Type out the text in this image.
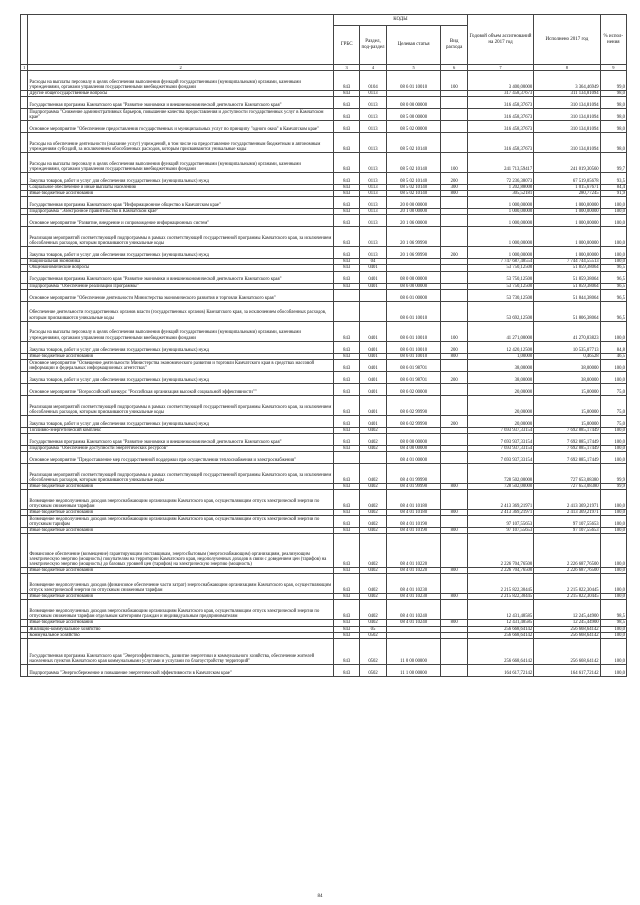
		КОДЫ				Годовой объем ассигнований на 2017 год	Исполнено 2017 год	% испол-нения
		ГРБС	Раздел, под-раздел	Целевая статья	Вид расхода			
1	2	3	4	5	6	7	8	9
	Расходы на выплаты персоналу в целях обеспечения выполнения функций государственными (муниципальными) органами, казенными учреждениями, органами управления государственными внебюджетными фондами	843	0104	08 6 01 10010	100	3 400,00000	3 364,46949	99,0
	Другие общегосударственные вопросы	843	0113			317 458,37673	311 134,81094	98,0
	Государственная программа Камчатского края "Развитие экономики и внешнеэкономической деятельности Камчатского края"	843	0113	08 0 00 00000		316 458,37673	310 134,81094	98,0
	Подпрограмма "Снижение административных барьеров, повышение качества предоставления и доступности государственных услуг в Камчатском крае"	843	0113	08 5 00 00000		316 458,37673	310 134,81094	98,0
	Основное мероприятие "Обеспечение предоставления государственных и муниципальных услуг по принципу "одного окна" в Камчатском крае"	843	0113	08 5 02 00000		316 458,37673	310 134,81094	98,0
	Расходы на обеспечение деятельности (оказание услуг) учреждений, в том числе на предоставление государственным бюджетным и автономным учреждениям субсидий, за исключением обособленных расходов, которым присваиваются уникальные коды	843	0113	08 5 02 10140		316 458,37673	310 134,81094	98,0
	Расходы на выплаты персоналу в целях обеспечения выполнения функций государственными (муниципальными) органами, казенными учреждениями, органами управления государственными внебюджетными фондами	843	0113	08 5 02 10140	100	241 713,59417	241 019,30560	99,7
	Закупка товаров, работ и услуг для обеспечения государственных (муниципальных) нужд	843	0113	08 5 02 10140	200	72 236,38073	67 519,05678	93,5
	Социальное обеспечение и иные выплаты населению	843	0113	08 5 02 10140	300	1 202,88000	1 015,67671	84,4
	Иные бюджетные ассигнования	843	0113	08 5 02 10140	800	305,52181	280,77245	91,9
	Государственная программа Камчатского края "Информационное общество в Камчатском крае"	843	0113	20 0 00 00000		1 000,00000	1 000,00000	100,0
	Подпрограмма "Электронное правительство в Камчатском крае"	843	0113	20 1 00 00000		1 000,00000	1 000,00000	100,0
	Основное мероприятие "Развитие, внедрение и сопровождение информационных систем"	843	0113	20 1 06 00000		1 000,00000	1 000,00000	100,0
	Реализация мероприятий соответствующей подпрограммы в рамках соответствующей государственной программы Камчатского края, за исключением обособленных расходов, которым присваиваются уникальные коды	843	0113	20 1 06 99990		1 000,00000	1 000,00000	100,0
	Закупка товаров, работ и услуг для обеспечения государственных (муниципальных) нужд	843	0113	20 1 06 99990	200	1 000,00000	1 000,00000	100,0
	Национальная экономика	843	04			7 747 687,48554	7 744 744,55513	100,0
	Общеэкономические вопросы	843	0401			53 750,12500	51 859,38064	96,5
	Государственная программа Камчатского края "Развитие экономики и внешнеэкономической деятельности Камчатского края"	843	0401	08 0 00 00000		53 750,12500	51 859,38064	96,5
	Подпрограмма "Обеспечение реализации Программы"	843	0401	08 6 00 00000		53 750,12500	51 859,38064	96,5
	Основное мероприятие "Обеспечение деятельности Министерства экономического развития и торговли Камчатского края"			08 6 01 00000		53 730,12500	51 844,38064	96,5
	Обеспечение деятельности государственных органов власти (государственных органов) Камчатского края, за исключением обособленных расходов, которым присваиваются уникальные коды			08 6 01 10010		53 692,12500	51 806,38064	96,5
	Расходы на выплаты персоналу в целях обеспечения выполнения функций государственными (муниципальными) органами, казенными учреждениями, органами управления государственными внебюджетными фондами	843	0401	08 6 01 10010	100	41 271,00000	41 270,83823	100,0
	Закупка товаров, работ и услуг для обеспечения государственных (муниципальных) нужд	843	0401	08 6 01 10010	200	12 420,12500	10 535,07713	84,8
	Иные бюджетные ассигнования	843	0401	08 6 01 10010	800	1,00000	0,46528	46,5
	Основное мероприятие "Освещение деятельности Министерства экономического развития и торговли Камчатского края в средствах массовой информации и федеральных информационных агентствах"	843	0401	08 6 01 98701		38,00000	38,00000	100,0
	Закупка товаров, работ и услуг для обеспечения государственных (муниципальных) нужд	843	0401	08 6 01 98701	200	38,00000	38,00000	100,0
	Основное мероприятие "Всероссийский конкурс "Российская организация высокой социальной эффективности""	843	0401	08 6 02 00000		20,00000	15,00000	75,0
	Реализация мероприятий соответствующей подпрограммы в рамках соответствующей государственной программы Камчатского края, за исключением обособленных расходов, которым присваиваются уникальные коды	843	0401	08 6 02 99990		20,00000	15,00000	75,0
	Закупка товаров, работ и услуг для обеспечения государственных (муниципальных) нужд	843	0401	08 6 02 99990	200	20,00000	15,00000	75,0
	Топливно-энергетический комплекс	843	0402			7 693 937,33154	7 692 885,17449	100,0
	Государственная программа Камчатского края "Развитие экономики и внешнеэкономической деятельности Камчатского края"	843	0402	08 0 00 00000		7 693 937,33154	7 692 885,17449	100,0
	Подпрограмма "Обеспечение доступности энергетических ресурсов"	843	0402	08 4 00 00000		7 693 937,33154	7 692 885,17449	100,0
	Основное мероприятие "Предоставление мер государственной поддержки при осуществлении теплоснабжения и электроснабжения"			08 4 01 00000		7 693 937,33154	7 692 885,17449	100,0
	Реализация мероприятий соответствующей подпрограммы в рамках соответствующей государственной программы Камчатского края, за исключением обособленных расходов, которым присваиваются уникальные коды	843	0402	08 4 01 99990		728 502,00000	727 653,08380	99,9
	Иные бюджетные ассигнования	843	0402	08 4 01 99990	800	728 502,00000	727 653,08380	99,9
	Возмещение недополученных доходов энергоснабжающим организациям Камчатского края, осуществляющим отпуск электрической энергии по отпускным сниженным тарифам	843	0402	08 4 01 10180		2 413 369,21971	2 413 369,21971	100,0
	Иные бюджетные ассигнования	843	0402	08 4 01 10180	800	2 413 369,21971	2 413 369,21971	100,0
	Возмещение недополученных доходов энергоснабжающим организациям Камчатского края, осуществляющим отпуск электрической энергии по отпускным тарифам	843	0402	08 4 01 10190		97 107,55653	97 107,55653	100,0
	Иные бюджетные ассигнования	843	0402	08 4 01 10190	800	97 107,55653	97 107,55653	100,0
	Финансовое обеспечение (возмещение) гарантирующим поставщикам, энергосбытовым (энергоснабжающим) организациям, реализующим электрическую энергию (мощность) покупателям на территории Камчатского края, недополученных доходов в связи с доведением цен (тарифов) на электрическую энергию (мощность) до базовых уровней цен (тарифов) на электрическую энергию (мощность)	843	0402	08 4 01 10220		2 226 704,76500	2 226 687,76500	100,0
	Иные бюджетные ассигнования	843	0402	08 4 01 10220	800	2 226 704,76500	2 226 687,76500	100,0
	Возмещение недополученных доходов (финансовое обеспечение части затрат) энергоснабжающим организациям Камчатского края, осуществляющим отпуск электрической энергии по отпускным сниженным тарифам	843	0402	08 4 01 10230		2 215 822,30445	2 215 822,30445	100,0
	Иные бюджетные ассигнования	843	0402	08 4 01 10230	800	2 215 822,30445	2 215 822,30445	100,0
	Возмещение недополученных доходов энергоснабжающим организациям Камчатского края, осуществляющим отпуск электрической энергии по отпускным сниженным тарифам отдельным категориям граждан и индивидуальным предпринимателям	843	0402	08 4 01 10240		12 431,48585	12 245,44900	98,5
	Иные бюджетные ассигнования	843	0402	08 4 01 10240	800	12 431,48585	12 245,44900	98,5
	Жилищно-коммунальное хозяйство	843	05			256 668,64142	256 668,64142	100,0
	Коммунальное хозяйство	843	0502			256 668,64142	256 668,64142	100,0
	Государственная программа Камчатского края "Энергоэффективность, развитие энергетики и коммунального хозяйства, обеспечение жителей населенных пунктов Камчатского края коммунальными услугами и услугами по благоустройству территорий"	843	0502	11 0 00 00000		256 668,64142	256 668,64142	100,0
	Подпрограмма "Энергосбережение и повышение энергетической эффективности в Камчатском крае"	843	0502	11 1 00 00000		164 617,72142	164 617,72142	100,0
84
